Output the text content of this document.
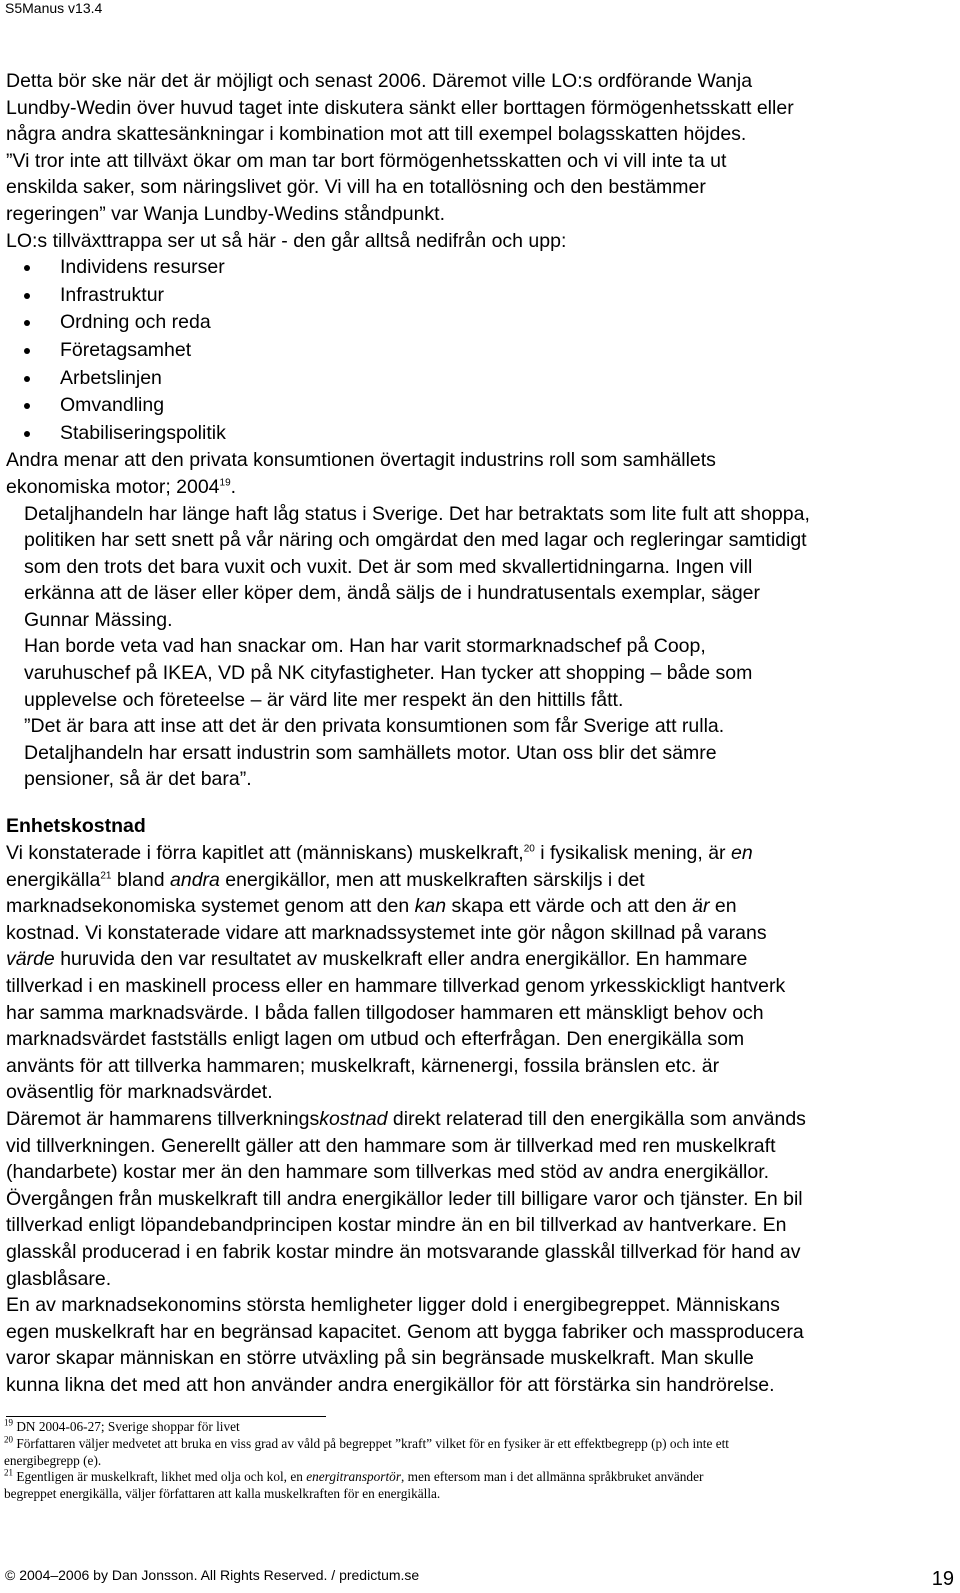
S5Manus v13.4

Detta bör ske när det är möjligt och senast 2006. Däremot ville LO:s ordförande Wanja
Lundby-Wedin över huvud taget inte diskutera sänkt eller borttagen förmögenhetsskatt eller
några andra skattesänkningar i kombination mot att till exempel bolagsskatten höjdes.
”Vi tror inte att tillväxt ökar om man tar bort förmögenhetsskatten och vi vill inte ta ut
enskilda saker, som näringslivet gör. Vi vill ha en totallösning och den bestämmer
regeringen” var Wanja Lundby-Wedins ståndpunkt.
LO:s tillväxttrappa ser ut så här - den går alltså nedifrån och upp:

Individens resurser
Infrastruktur
Ordning och reda
Företagsamhet
Arbetslinjen
Omvandling
Stabiliseringspolitik

Andra menar att den privata konsumtionen övertagit industrins roll som samhällets
ekonomiska motor; 2004$^{19}$.

Detaljhandeln har länge haft låg status i Sverige. Det har betraktats som lite fult att shoppa,
politiken har sett snett på vår näring och omgärdat den med lagar och regleringar samtidigt
som den trots det bara vuxit och vuxit. Det är som med skvallertidningarna. Ingen vill
erkänna att de läser eller köper dem, ändå säljs de i hundratusentals exemplar, säger
Gunnar Mässing.
Han borde veta vad han snackar om. Han har varit stormarknadschef på Coop,
varuhuschef på IKEA, VD på NK cityfastigheter. Han tycker att shopping – både som
upplevelse och företeelse – är värd lite mer respekt än den hittills fått.
”Det är bara att inse att det är den privata konsumtionen som får Sverige att rulla.
Detaljhandeln har ersatt industrin som samhällets motor. Utan oss blir det sämre
pensioner, så är det bara”.

Enhetskostnad

Vi konstaterade i förra kapitlet att (människans) muskelkraft,$^{20}$ i fysikalisk mening, är en
energikälla$^{21}$ bland andra energikällor, men att muskelkraften särskiljs i det
marknadsekonomiska systemet genom att den kan skapa ett värde och att den är en
kostnad. Vi konstaterade vidare att marknadssystemet inte gör någon skillnad på varans
värde huruvida den var resultatet av muskelkraft eller andra energikällor. En hammare
tillverkad i en maskinell process eller en hammare tillverkad genom yrkesskickligt hantverk
har samma marknadsvärde. I båda fallen tillgodoser hammaren ett mänskligt behov och
marknadsvärdet fastställs enligt lagen om utbud och efterfrågan. Den energikälla som
använts för att tillverka hammaren; muskelkraft, kärnenergi, fossila bränslen etc. är
oväsentlig för marknadsvärdet.
Däremot är hammarens tillverkningskostnad direkt relaterad till den energikälla som används
vid tillverkningen. Generellt gäller att den hammare som är tillverkad med ren muskelkraft
(handarbete) kostar mer än den hammare som tillverkas med stöd av andra energikällor.
Övergången från muskelkraft till andra energikällor leder till billigare varor och tjänster. En bil
tillverkad enligt löpandebandprincipen kostar mindre än en bil tillverkad av hantverkare. En
glasskål producerad i en fabrik kostar mindre än motsvarande glasskål tillverkad för hand av
glasblåsare.
En av marknadsekonomins största hemligheter ligger dold i energibegreppet. Människans
egen muskelkraft har en begränsad kapacitet. Genom att bygga fabriker och massproducera
varor skapar människan en större utväxling på sin begränsade muskelkraft. Man skulle
kunna likna det med att hon använder andra energikällor för att förstärka sin handrörelse.

$^{19}$ DN 2004-06-27; Sverige shoppar för livet

$^{20}$ Författaren väljer medvetet att bruka en viss grad av våld på begreppet ”kraft” vilket för en fysiker är ett effektbegrepp (p) och inte ett
energibegrepp (e).

$^{21}$ Egentligen är muskelkraft, likhet med olja och kol, en energitransportör, men eftersom man i det allmänna språkbruket använder
begreppet energikälla, väljer författaren att kalla muskelkraften för en energikälla.

© 2004–2006 by Dan Jonsson. All Rights Reserved. / predictum.se	19
